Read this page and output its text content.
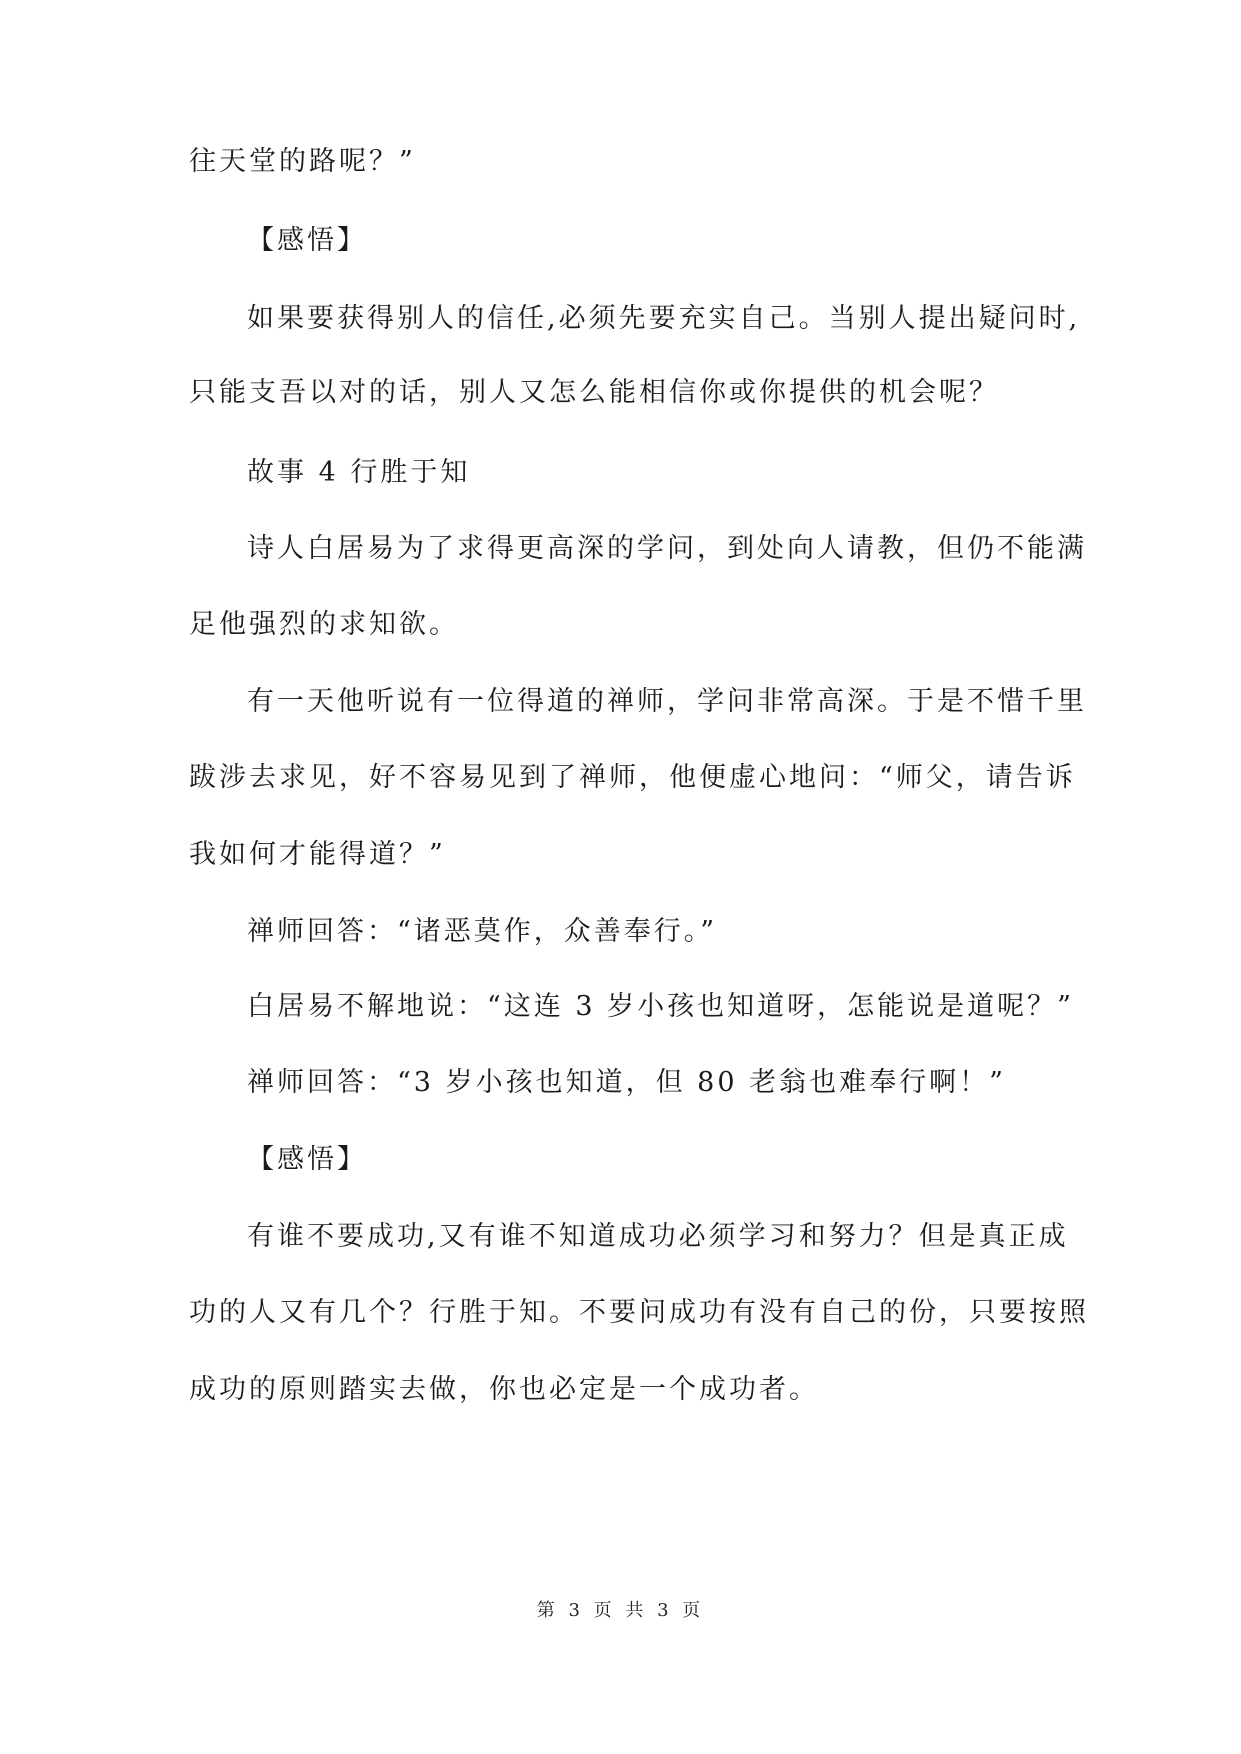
往天堂的路呢？”
【感悟】
如果要获得别人的信任,必须先要充实自己。当别人提出疑问时,
只能支吾以对的话，别人又怎么能相信你或你提供的机会呢？
故事 4 行胜于知
诗人白居易为了求得更高深的学问，到处向人请教，但仍不能满
足他强烈的求知欲。
有一天他听说有一位得道的禅师，学问非常高深。于是不惜千里
跋涉去求见，好不容易见到了禅师，他便虚心地问：“师父，请告诉
我如何才能得道？”
禅师回答：“诸恶莫作，众善奉行。”
白居易不解地说：“这连 3 岁小孩也知道呀，怎能说是道呢？”
禅师回答：“3 岁小孩也知道，但 80 老翁也难奉行啊！”
【感悟】
有谁不要成功,又有谁不知道成功必须学习和努力？但是真正成
功的人又有几个？行胜于知。不要问成功有没有自己的份，只要按照
成功的原则踏实去做，你也必定是一个成功者。
第 3 页 共 3 页
